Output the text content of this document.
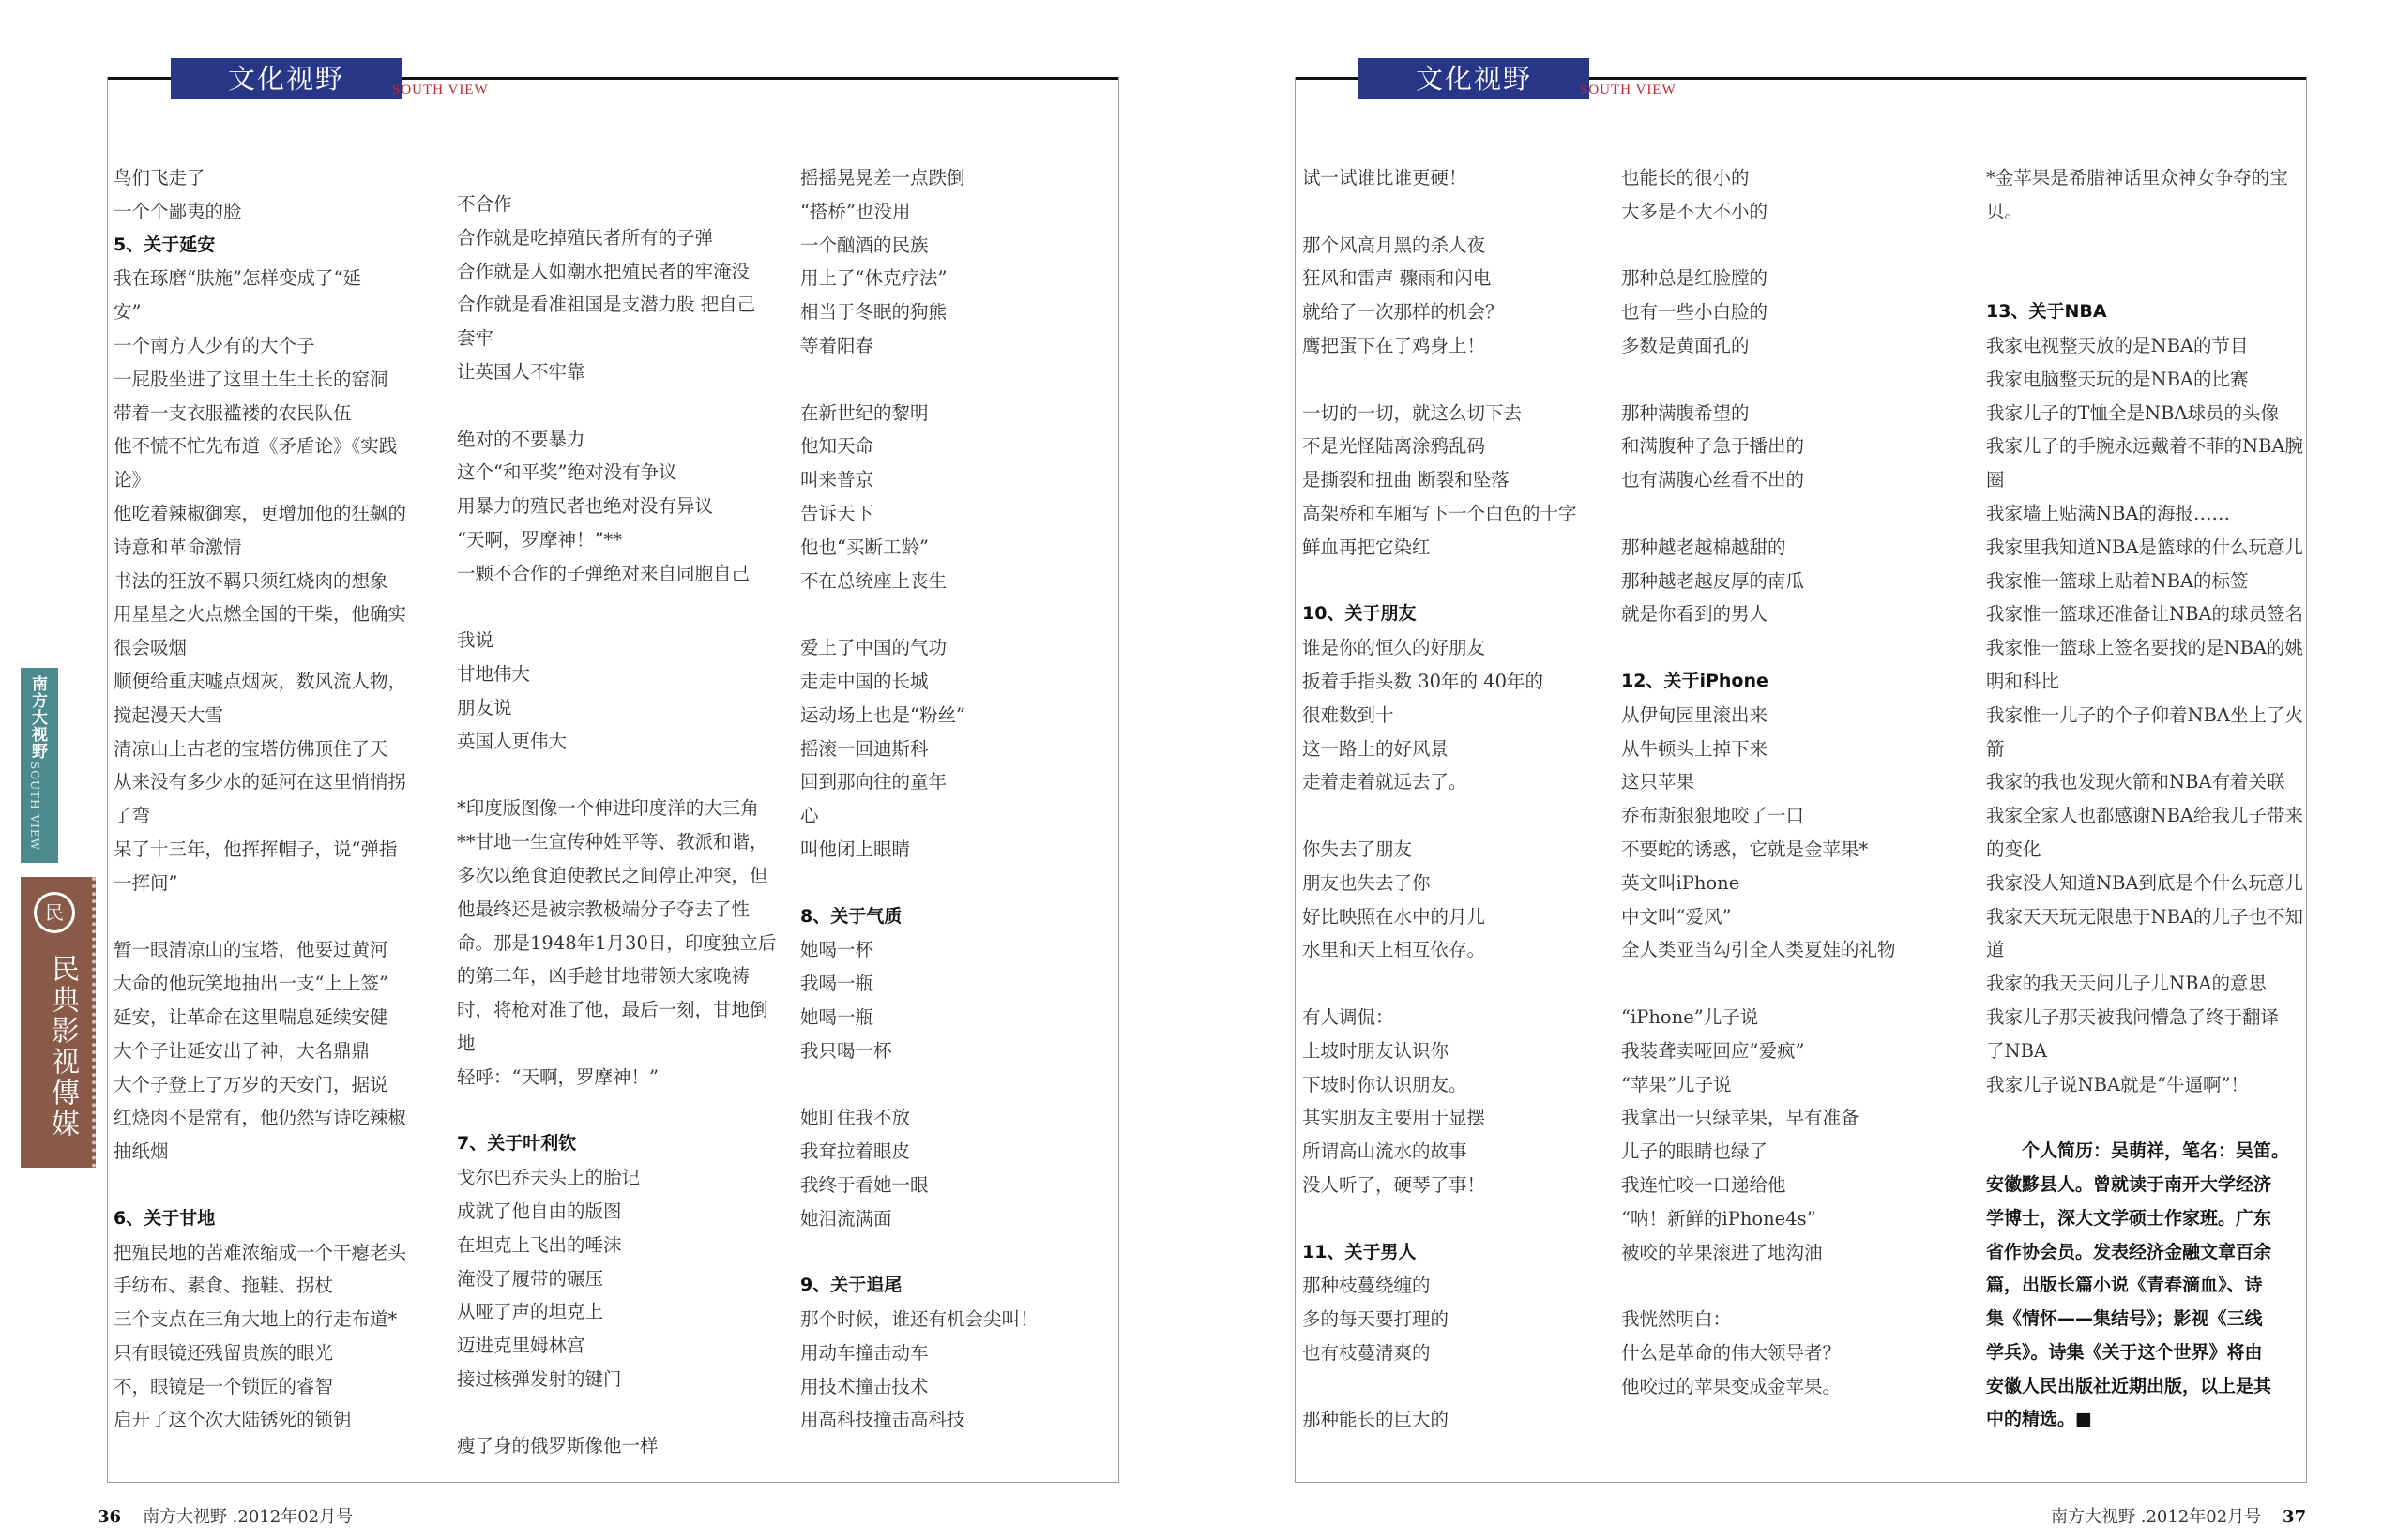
文化视野	SOUTH VIEW

鸟们飞走了

一个个鄙夷的脸

5、关于延安

我在琢磨“肤施”怎样变成了“延

安”

一个南方人少有的大个子

一屁股坐进了这里土生土长的窑洞

带着一支衣服褴褛的农民队伍

他不慌不忙先布道《矛盾论》《实践

论》

他吃着辣椒御寒，更增加他的狂飙的

诗意和革命激情

书法的狂放不羁只须红烧肉的想象

用星星之火点燃全国的干柴，他确实

很会吸烟

顺便给重庆嘘点烟灰，数风流人物，

搅起漫天大雪

清凉山上古老的宝塔仿佛顶住了天

从来没有多少水的延河在这里悄悄拐

了弯

呆了十三年，他挥挥帽子，说“弹指

一挥间”

暂一眼清凉山的宝塔，他要过黄河

大命的他玩笑地抽出一支“上上签”

延安，让革命在这里喘息延续安健

大个子让延安出了神，大名鼎鼎

大个子登上了万岁的天安门，据说

红烧肉不是常有，他仍然写诗吃辣椒

抽纸烟

6、关于甘地

把殖民地的苦难浓缩成一个干瘪老头

手纺布、素食、拖鞋、拐杖

三个支点在三角大地上的行走布道*

只有眼镜还残留贵族的眼光

不，眼镜是一个锁匠的睿智

启开了这个次大陆锈死的锁钥

不合作

合作就是吃掉殖民者所有的子弹

合作就是人如潮水把殖民者的牢淹没

合作就是看准祖国是支潜力股 把自己

套牢

让英国人不牢靠

绝对的不要暴力

这个“和平奖”绝对没有争议

用暴力的殖民者也绝对没有异议

“天啊，罗摩神！”**

一颗不合作的子弹绝对来自同胞自己

我说

甘地伟大

朋友说

英国人更伟大

*印度版图像一个伸进印度洋的大三角

**甘地一生宣传种姓平等、教派和谐，

多次以绝食迫使教民之间停止冲突，但

他最终还是被宗教极端分子夺去了性

命。那是1948年1月30日，印度独立后

的第二年，凶手趁甘地带领大家晚祷

时，将枪对准了他，最后一刻，甘地倒地

轻呼：“天啊，罗摩神！”

7、关于叶利钦

戈尔巴乔夫头上的胎记

成就了他自由的版图

在坦克上飞出的唾沫

淹没了履带的碾压

从哑了声的坦克上

迈进克里姆林宫

接过核弹发射的键门

瘦了身的俄罗斯像他一样

摇摇晃晃差一点跌倒

“搭桥”也没用

一个酗酒的民族

用上了“休克疗法”

相当于冬眠的狗熊

等着阳春

在新世纪的黎明

他知天命

叫来普京

告诉天下

他也“买断工龄”

不在总统座上丧生

爱上了中国的气功

走走中国的长城

运动场上也是“粉丝”

摇滚一回迪斯科

回到那向往的童年

心

叫他闭上眼睛

8、关于气质

她喝一杯

我喝一瓶

她喝一瓶

我只喝一杯

她盯住我不放

我耷拉着眼皮

我终于看她一眼

她泪流满面

9、关于追尾

那个时候，谁还有机会尖叫！

用动车撞击动车

用技术撞击技术

用高科技撞击高科技

36 南方大视野 .2012年02月号
南方大视野
SOUTH VIEW
民
民典影视傳媒
文化视野	SOUTH VIEW

试一试谁比谁更硬！

那个风高月黑的杀人夜

狂风和雷声 骤雨和闪电

就给了一次那样的机会？

鹰把蛋下在了鸡身上！

一切的一切，就这么切下去

不是光怪陆离涂鸦乱码

是撕裂和扭曲 断裂和坠落

高架桥和车厢写下一个白色的十字

鲜血再把它染红

10、关于朋友

谁是你的恒久的好朋友

扳着手指头数 30年的 40年的

很难数到十

这一路上的好风景

走着走着就远去了。

你失去了朋友

朋友也失去了你

好比映照在水中的月儿

水里和天上相互依存。

有人调侃：

上坡时朋友认识你

下坡时你认识朋友。

其实朋友主要用于显摆

所谓高山流水的故事

没人听了，硬琴了事！

11、关于男人

那种枝蔓绕缠的

多的每天要打理的

也有枝蔓清爽的

那种能长的巨大的

也能长的很小的

大多是不大不小的

那种总是红脸膛的

也有一些小白脸的

多数是黄面孔的

那种满腹希望的

和满腹种子急于播出的

也有满腹心丝看不出的

那种越老越棉越甜的

那种越老越皮厚的南瓜

就是你看到的男人

12、关于iPhone

从伊甸园里滚出来

从牛顿头上掉下来

这只苹果

乔布斯狠狠地咬了一口

不要蛇的诱惑，它就是金苹果*

英文叫iPhone

中文叫“爱风”

全人类亚当勾引全人类夏娃的礼物

“iPhone”儿子说

我装聋卖哑回应“爱疯”

“苹果”儿子说

我拿出一只绿苹果，早有准备

儿子的眼睛也绿了

我连忙咬一口递给他

“呐！新鲜的iPhone4s”

被咬的苹果滚进了地沟油

我恍然明白：

什么是革命的伟大领导者？

他咬过的苹果变成金苹果。

*金苹果是希腊神话里众神女争夺的宝

贝。

13、关于NBA

我家电视整天放的是NBA的节目

我家电脑整天玩的是NBA的比赛

我家儿子的T恤全是NBA球员的头像

我家儿子的手腕永远戴着不菲的NBA腕

圈

我家墙上贴满NBA的海报……

我家里我知道NBA是篮球的什么玩意儿

我家惟一篮球上贴着NBA的标签

我家惟一篮球还准备让NBA的球员签名

我家惟一篮球上签名要找的是NBA的姚

明和科比

我家惟一儿子的个子仰着NBA坐上了火

箭

我家的我也发现火箭和NBA有着关联

我家全家人也都感谢NBA给我儿子带来

的变化

我家没人知道NBA到底是个什么玩意儿

我家天天玩无限患于NBA的儿子也不知

道

我家的我天天问儿子儿NBA的意思

我家儿子那天被我问懵急了终于翻译

了NBA

我家儿子说NBA就是“牛逼啊”！

　　个人简历：吴萌祥，笔名：吴笛。

安徽黟县人。曾就读于南开大学经济

学博士，深大文学硕士作家班。广东

省作协会员。发表经济金融文章百余

篇，出版长篇小说《青春滴血》、诗

集《情怀——集结号》；影视《三线

学兵》。诗集《关于这个世界》将由

安徽人民出版社近期出版，以上是其

中的精选。■

南方大视野 .2012年02月号 37
